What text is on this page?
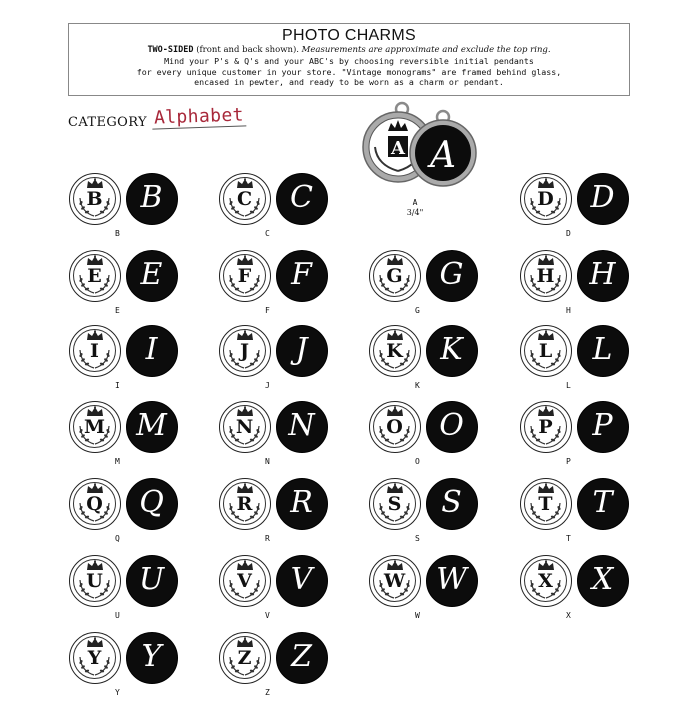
PHOTO CHARMS
TWO-SIDED (front and back shown). Measurements are approximate and exclude the top ring.
Mind your P's & Q's and your ABC's by choosing reversible initial pendants
for every unique customer in your store. "Vintage monograms" are framed behind glass,
encased in pewter, and ready to be worn as a charm or pendant.
CATEGORY Alphabet
A A
A
3/4"
B	B
B
C	C
C
D	D
D
E	E
E
F	F
F
G	G
G
H	H
H
I	I
I
J	J
J
K	K
K
L	L
L
M	M
M
N	N
N
O	O
O
P	P
P
Q	Q
Q
R	R
R
S	S
S
T	T
T
U	U
U
V	V
V
W	W
W
X	X
X
Y	Y
Y
Z	Z
Z
